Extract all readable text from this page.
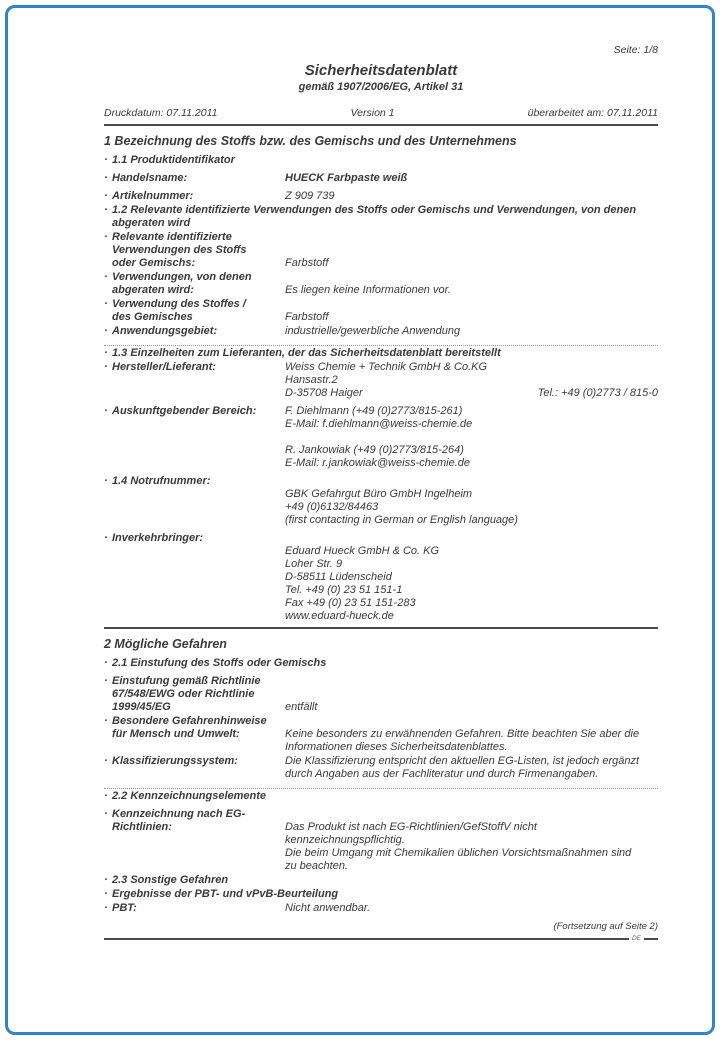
Seite: 1/8
Sicherheitsdatenblatt
gemäß 1907/2006/EG, Artikel 31
Druckdatum: 07.11.2011	Version 1	überarbeitet am: 07.11.2011
1 Bezeichnung des Stoffs bzw. des Gemischs und des Unternehmens
· 1.1 Produktidentifikator
· Handelsname:	HUECK Farbpaste weiß
· Artikelnummer:	Z 909 739
· 1.2 Relevante identifizierte Verwendungen des Stoffs oder Gemischs und Verwendungen, von denen abgeraten wird
· Relevante identifizierte
Verwendungen des Stoffs
oder Gemischs:	Farbstoff
· Verwendungen, von denen
abgeraten wird:	Es liegen keine Informationen vor.
· Verwendung des Stoffes /
des Gemisches	Farbstoff
· Anwendungsgebiet:	industrielle/gewerbliche Anwendung
· 1.3 Einzelheiten zum Lieferanten, der das Sicherheitsdatenblatt bereitstellt
· Hersteller/Lieferant:	Weiss Chemie + Technik GmbH & Co.KG
Hansastr.2
D-35708 Haiger	Tel.: +49 (0)2773 / 815-0
· Auskunftgebender Bereich:	F. Diehlmann (+49 (0)2773/815-261)
E-Mail: f.diehlmann@weiss-chemie.de
R. Jankowiak (+49 (0)2773/815-264)
E-Mail: r.jankowiak@weiss-chemie.de
· 1.4 Notrufnummer:
GBK Gefahrgut Büro GmbH Ingelheim
+49 (0)6132/84463
(first contacting in German or English language)
· Inverkehrbringer:
Eduard Hueck GmbH & Co. KG
Loher Str. 9
D-58511 Lüdenscheid
Tel. +49 (0) 23 51 151-1
Fax +49 (0) 23 51 151-283
www.eduard-hueck.de
2 Mögliche Gefahren
· 2.1 Einstufung des Stoffs oder Gemischs
· Einstufung gemäß Richtlinie
67/548/EWG oder Richtlinie
1999/45/EG	entfällt
· Besondere Gefahrenhinweise
für Mensch und Umwelt:	Keine besonders zu erwähnenden Gefahren. Bitte beachten Sie aber die
Informationen dieses Sicherheitsdatenblattes.
· Klassifizierungssystem:	Die Klassifizierung entspricht den aktuellen EG-Listen, ist jedoch ergänzt
durch Angaben aus der Fachliteratur und durch Firmenangaben.
· 2.2 Kennzeichnungselemente
· Kennzeichnung nach EG-
Richtlinien:	Das Produkt ist nach EG-Richtlinien/GefStoffV nicht
kennzeichnungspflichtig.
Die beim Umgang mit Chemikalien üblichen Vorsichtsmaßnahmen sind
zu beachten.
· 2.3 Sonstige Gefahren
· Ergebnisse der PBT- und vPvB-Beurteilung
· PBT:	Nicht anwendbar.
(Fortsetzung auf Seite 2)
DE
